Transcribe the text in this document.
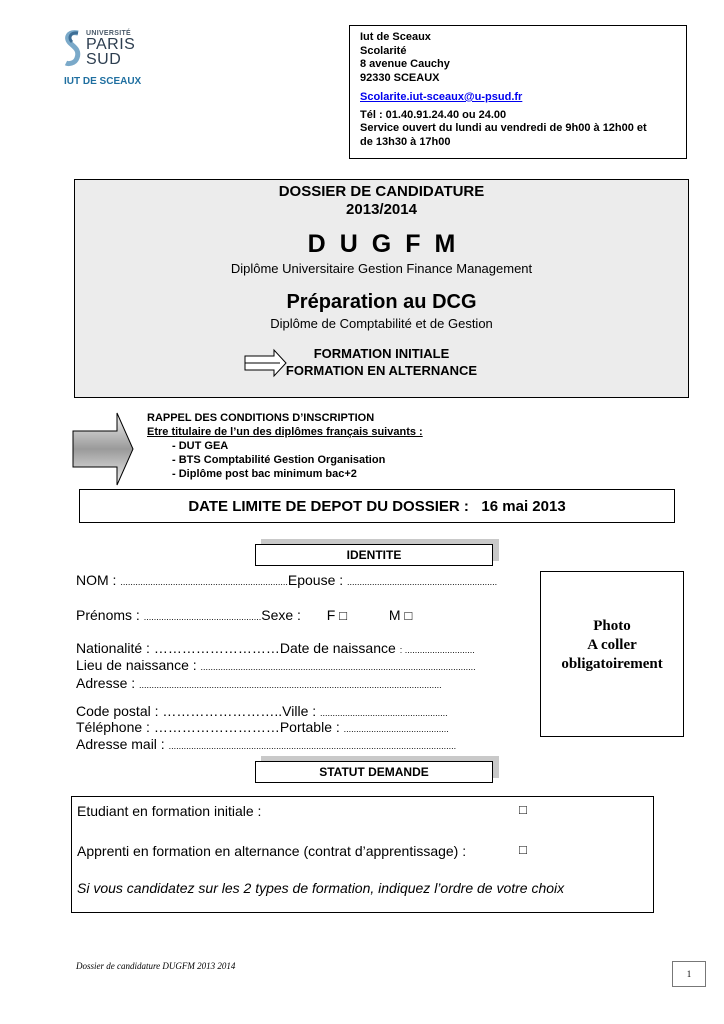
UNIVERSITÉ
PARIS
SUD
IUT DE SCEAUX
Iut de Sceaux
Scolarité
8 avenue Cauchy
92330 SCEAUX
Scolarite.iut-sceaux@u-psud.fr
Tél : 01.40.91.24.40 ou 24.00
Service ouvert du lundi au vendredi de 9h00 à 12h00 et
de 13h30 à 17h00
DOSSIER DE CANDIDATURE
2013/2014
DUGFM
Diplôme Universitaire Gestion Finance Management
Préparation au DCG
Diplôme de Comptabilité et de Gestion
FORMATION INITIALE
FORMATION EN ALTERNANCE
RAPPEL DES CONDITIONS D’INSCRIPTION
Etre titulaire de l’un des diplômes français suivants :
- DUT GEA
- BTS Comptabilité Gestion Organisation
- Diplôme post bac minimum bac+2
DATE LIMITE DE DEPOT DU DOSSIER : 16 mai 2013
IDENTITE
NOM : ...................................................................Epouse : ............................................................
Prénoms : ...............................................Sexe : F □	M □
Nationalité : ………………………Date de naissance : ............................
Lieu de naissance : ..............................................................................................................
Adresse : .........................................................................................................................
Code postal : ……………………..Ville : ...................................................
Téléphone : ………………………Portable : ..........................................
Adresse mail : ...................................................................................................................
Photo
A coller
obligatoirement
STATUT DEMANDE
Etudiant en formation initiale :	□
Apprenti en formation en alternance (contrat d’apprentissage) :	□
Si vous candidatez sur les 2 types de formation, indiquez l’ordre de votre choix
Dossier de candidature DUGFM 2013 2014
1
